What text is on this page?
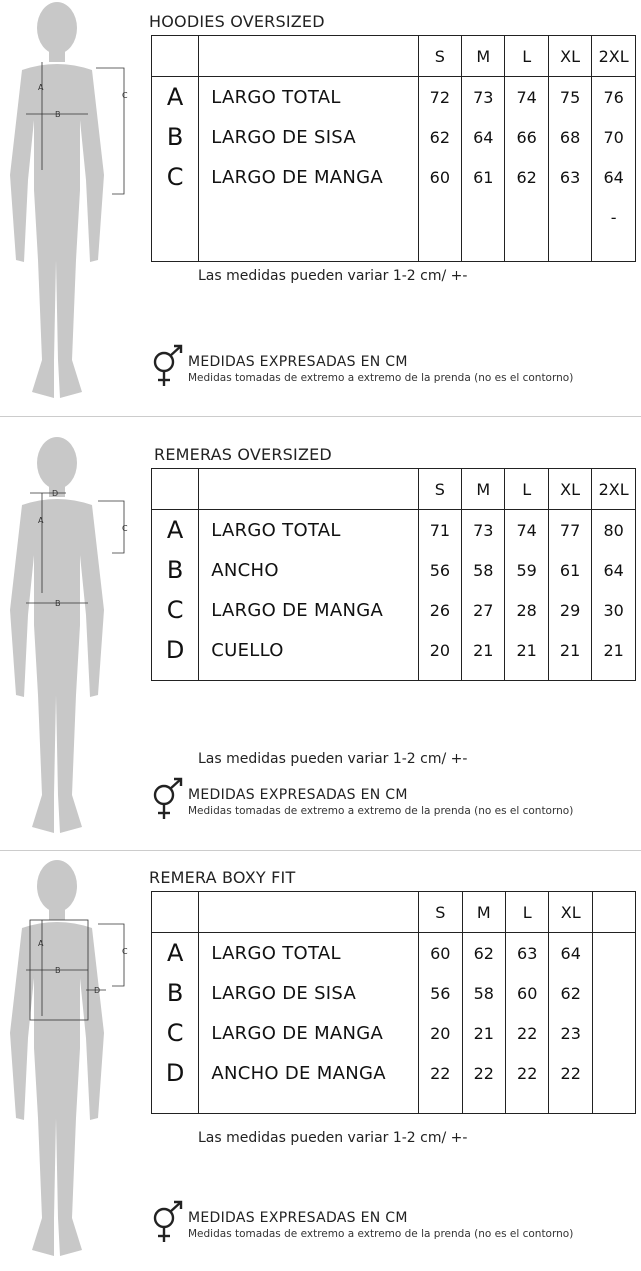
A
B
C
HOODIES OVERSIZED
		S	M	L	XL	2XL
A	LARGO TOTAL	72	73	74	75	76
B	LARGO DE SISA	62	64	66	68	70
C	LARGO DE MANGA	60	61	62	63	64
						-

Las medidas pueden variar 1-2 cm/ +-
MEDIDAS EXPRESADAS EN CM
Medidas tomadas de extremo a extremo de la prenda (no es el contorno)
A
B
C
D
REMERAS OVERSIZED
		S	M	L	XL	2XL
A	LARGO TOTAL	71	73	74	77	80
B	ANCHO	56	58	59	61	64
C	LARGO DE MANGA	26	27	28	29	30
D	CUELLO	20	21	21	21	21

Las medidas pueden variar 1-2 cm/ +-
MEDIDAS EXPRESADAS EN CM
Medidas tomadas de extremo a extremo de la prenda (no es el contorno)
A
B
C
D
REMERA BOXY FIT
		S	M	L	XL	
A	LARGO TOTAL	60	62	63	64	
B	LARGO DE SISA	56	58	60	62	
C	LARGO DE MANGA	20	21	22	23	
D	ANCHO DE MANGA	22	22	22	22	

Las medidas pueden variar 1-2 cm/ +-
MEDIDAS EXPRESADAS EN CM
Medidas tomadas de extremo a extremo de la prenda (no es el contorno)
